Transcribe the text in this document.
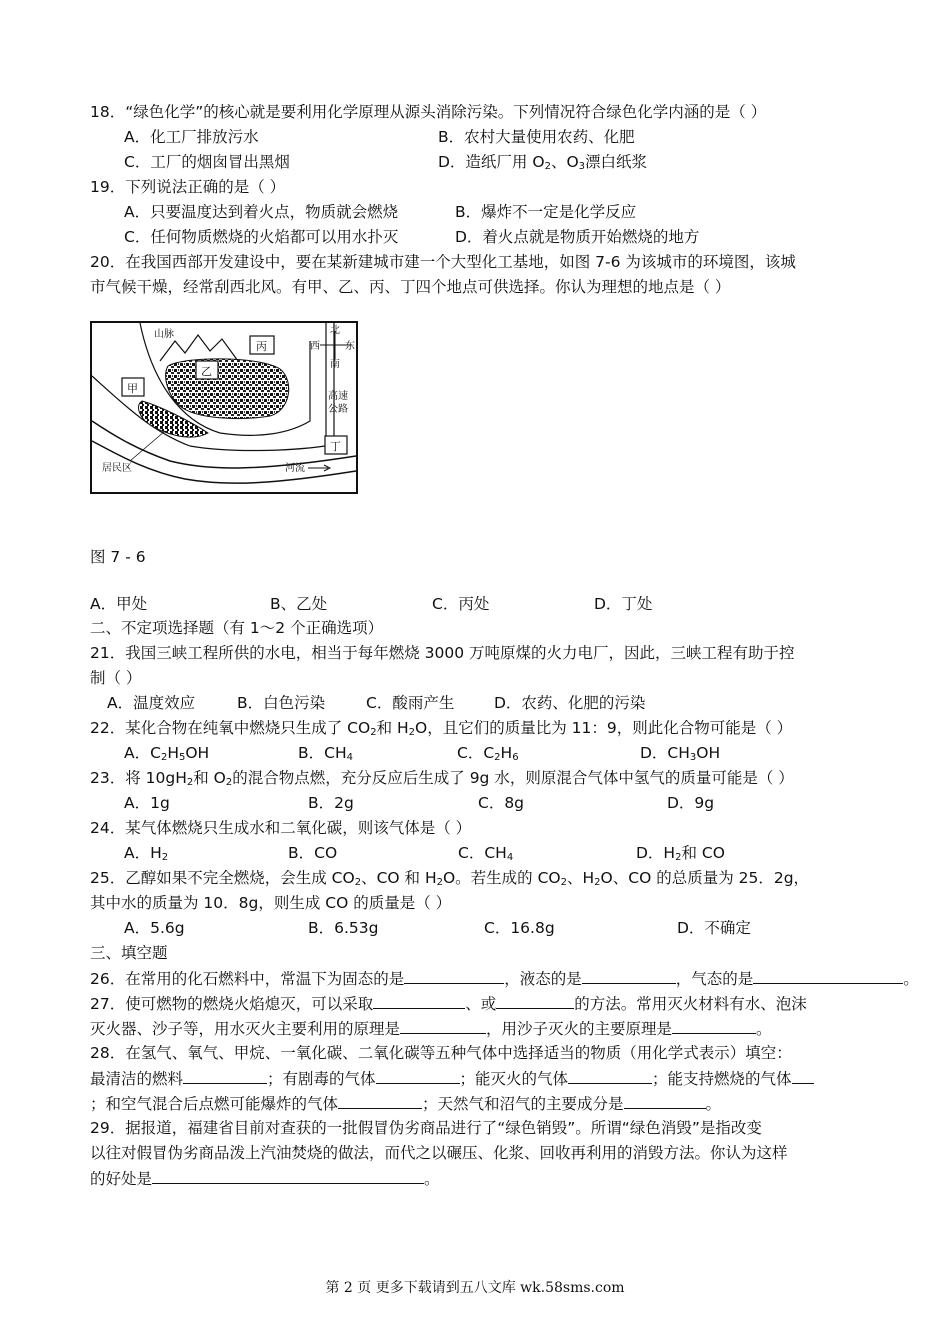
18．“绿色化学”的核心就是要利用化学原理从源头消除污染。下列情况符合绿色化学内涵的是（ ）
A．化工厂排放污水	B．农村大量使用农药、化肥
C．工厂的烟囱冒出黑烟	D．造纸厂用 $O_2$、$O_3$漂白纸浆
19．下列说法正确的是（ ）
A．只要温度达到着火点，物质就会燃烧	B．爆炸不一定是化学反应
C．任何物质燃烧的火焰都可以用水扑灭	D．着火点就是物质开始燃烧的地方
20．在我国西部开发建设中，要在某新建城市建一个大型化工基地，如图 7-6 为该城市的环境图，该城
市气候干燥，经常刮西北风。有甲、乙、丙、丁四个地点可供选择。你认为理想的地点是（ ）
山脉
甲
乙
丙
丁
北
西	东
南
高速
公路
居民区	河流
图 7 - 6
A．甲处	B、乙处	C．丙处	D．丁处
二、不定项选择题（有 1～2 个正确选项）
21．我国三峡工程所供的水电，相当于每年燃烧 3000 万吨原煤的火力电厂，因此，三峡工程有助于控
制（ ）
A．温度效应	B．白色污染	C．酸雨产生	D．农药、化肥的污染
22．某化合物在纯氧中燃烧只生成了 $CO_2$和 $H_2O$，且它们的质量比为 11：9，则此化合物可能是（ ）
A．$C_2H_5OH$	B．$CH_4$	C．$C_2H_6$	D．$CH_3OH$
23．将 $10gH_2$和 $O_2$的混合物点燃，充分反应后生成了 9g 水，则原混合气体中氢气的质量可能是（ ）
A．1g	B．2g	C．8g	D．9g
24．某气体燃烧只生成水和二氧化碳，则该气体是（ ）
A．$H_2$	B．CO	C．$CH_4$	D．$H_2$和 CO
25．乙醇如果不完全燃烧，会生成 $CO_2$、CO 和 $H_2O$。若生成的 $CO_2$、$H_2O$、CO 的总质量为 25．2g，
其中水的质量为 10．8g，则生成 CO 的质量是（ ）
A．5.6g	B．6.53g	C．16.8g	D．不确定
三、填空题
26．在常用的化石燃料中，常温下为固态的是	，液态的是	，气态的是	。
27．使可燃物的燃烧火焰熄灭，可以采取	、或	的方法。常用灭火材料有水、泡沫
灭火器、沙子等，用水灭火主要利用的原理是	，用沙子灭火的主要原理是	。
28．在氢气、氧气、甲烷、一氧化碳、二氧化碳等五种气体中选择适当的物质（用化学式表示）填空：
最清洁的燃料	；有剧毒的气体	；能灭火的气体	；能支持燃烧的气体
；和空气混合后点燃可能爆炸的气体	；天然气和沼气的主要成分是	。
29．据报道，福建省目前对查获的一批假冒伪劣商品进行了“绿色销毁”。所谓“绿色消毁”是指改变
以往对假冒伪劣商品泼上汽油焚烧的做法，而代之以碾压、化浆、回收再利用的消毁方法。你认为这样
的好处是	。
第 2 页 更多下载请到五八文库 wk.58sms.com
